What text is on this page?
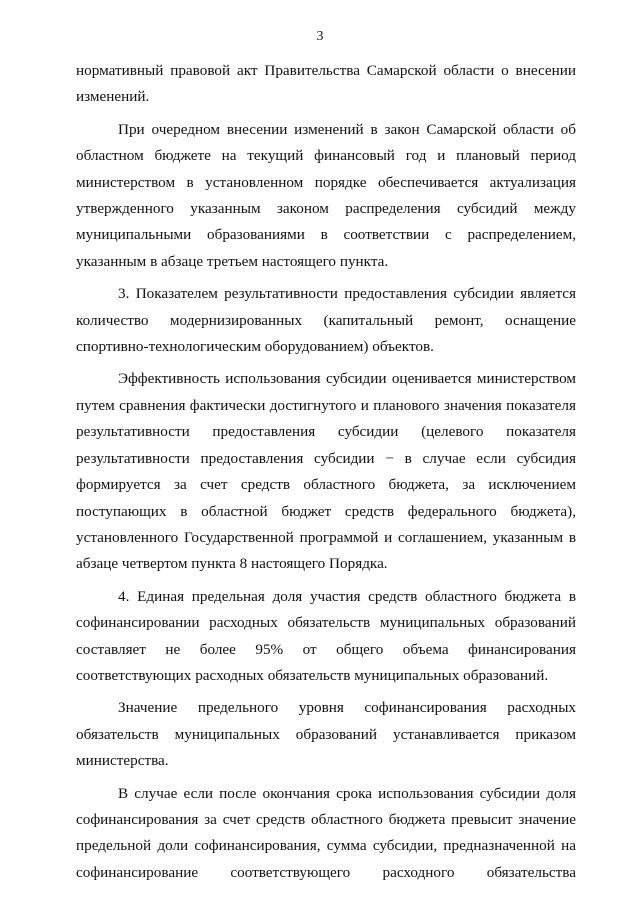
3
нормативный правовой акт Правительства Самарской области о внесении
изменений.
При очередном внесении изменений в закон Самарской области об
областном бюджете на текущий финансовый год и плановый период
министерством в установленном порядке обеспечивается актуализация
утвержденного указанным законом распределения субсидий между
муниципальными образованиями в соответствии с распределением,
указанным в абзаце третьем настоящего пункта.
3. Показателем результативности предоставления субсидии является
количество модернизированных (капитальный ремонт, оснащение
спортивно-технологическим оборудованием) объектов.
Эффективность использования субсидии оценивается министерством
путем сравнения фактически достигнутого и планового значения показателя
результативности предоставления субсидии (целевого показателя
результативности предоставления субсидии − в случае если субсидия
формируется за счет средств областного бюджета, за исключением
поступающих в областной бюджет средств федерального бюджета),
установленного Государственной программой и соглашением, указанным в
абзаце четвертом пункта 8 настоящего Порядка.
4. Единая предельная доля участия средств областного бюджета в
софинансировании расходных обязательств муниципальных образований
составляет не более 95% от общего объема финансирования
соответствующих расходных обязательств муниципальных образований.
Значение предельного уровня софинансирования расходных
обязательств муниципальных образований устанавливается приказом
министерства.
В случае если после окончания срока использования субсидии доля
софинансирования за счет средств областного бюджета превысит значение
предельной доли софинансирования, сумма субсидии, предназначенной на
софинансирование соответствующего расходного обязательства
